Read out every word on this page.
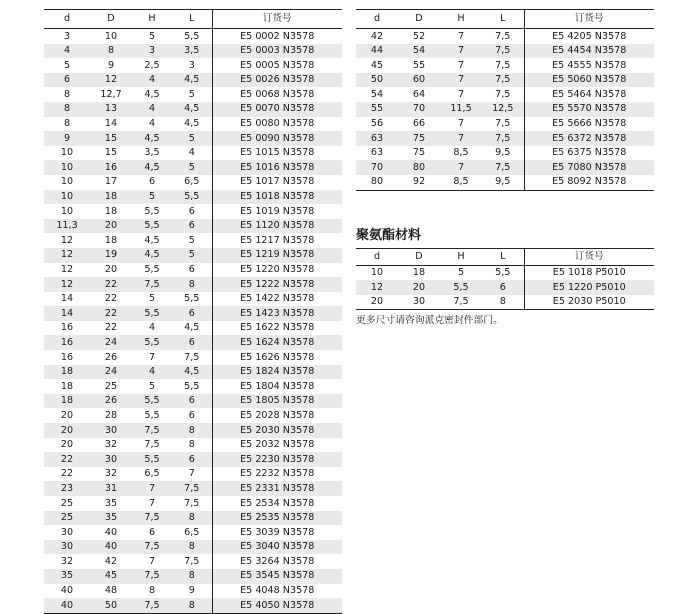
d	D	H	L	订货号
3	10	5	5,5	E5 0002 N3578
4	8	3	3,5	E5 0003 N3578
5	9	2,5	3	E5 0005 N3578
6	12	4	4,5	E5 0026 N3578
8	12,7	4,5	5	E5 0068 N3578
8	13	4	4,5	E5 0070 N3578
8	14	4	4,5	E5 0080 N3578
9	15	4,5	5	E5 0090 N3578
10	15	3,5	4	E5 1015 N3578
10	16	4,5	5	E5 1016 N3578
10	17	6	6,5	E5 1017 N3578
10	18	5	5,5	E5 1018 N3578
10	18	5,5	6	E5 1019 N3578
11,3	20	5,5	6	E5 1120 N3578
12	18	4,5	5	E5 1217 N3578
12	19	4,5	5	E5 1219 N3578
12	20	5,5	6	E5 1220 N3578
12	22	7,5	8	E5 1222 N3578
14	22	5	5,5	E5 1422 N3578
14	22	5,5	6	E5 1423 N3578
16	22	4	4,5	E5 1622 N3578
16	24	5,5	6	E5 1624 N3578
16	26	7	7,5	E5 1626 N3578
18	24	4	4,5	E5 1824 N3578
18	25	5	5,5	E5 1804 N3578
18	26	5,5	6	E5 1805 N3578
20	28	5,5	6	E5 2028 N3578
20	30	7,5	8	E5 2030 N3578
20	32	7,5	8	E5 2032 N3578
22	30	5,5	6	E5 2230 N3578
22	32	6,5	7	E5 2232 N3578
23	31	7	7,5	E5 2331 N3578
25	35	7	7,5	E5 2534 N3578
25	35	7,5	8	E5 2535 N3578
30	40	6	6,5	E5 3039 N3578
30	40	7,5	8	E5 3040 N3578
32	42	7	7,5	E5 3264 N3578
35	45	7,5	8	E5 3545 N3578
40	48	8	9	E5 4048 N3578
40	50	7,5	8	E5 4050 N3578
d	D	H	L	订货号
42	52	7	7,5	E5 4205 N3578
44	54	7	7,5	E5 4454 N3578
45	55	7	7,5	E5 4555 N3578
50	60	7	7,5	E5 5060 N3578
54	64	7	7,5	E5 5464 N3578
55	70	11,5	12,5	E5 5570 N3578
56	66	7	7,5	E5 5666 N3578
63	75	7	7,5	E5 6372 N3578
63	75	8,5	9,5	E5 6375 N3578
70	80	7	7,5	E5 7080 N3578
80	92	8,5	9,5	E5 8092 N3578
聚氨酯材料
d	D	H	L	订货号
10	18	5	5,5	E5 1018 P5010
12	20	5,5	6	E5 1220 P5010
20	30	7,5	8	E5 2030 P5010

更多尺寸请咨询派克密封件部门。
